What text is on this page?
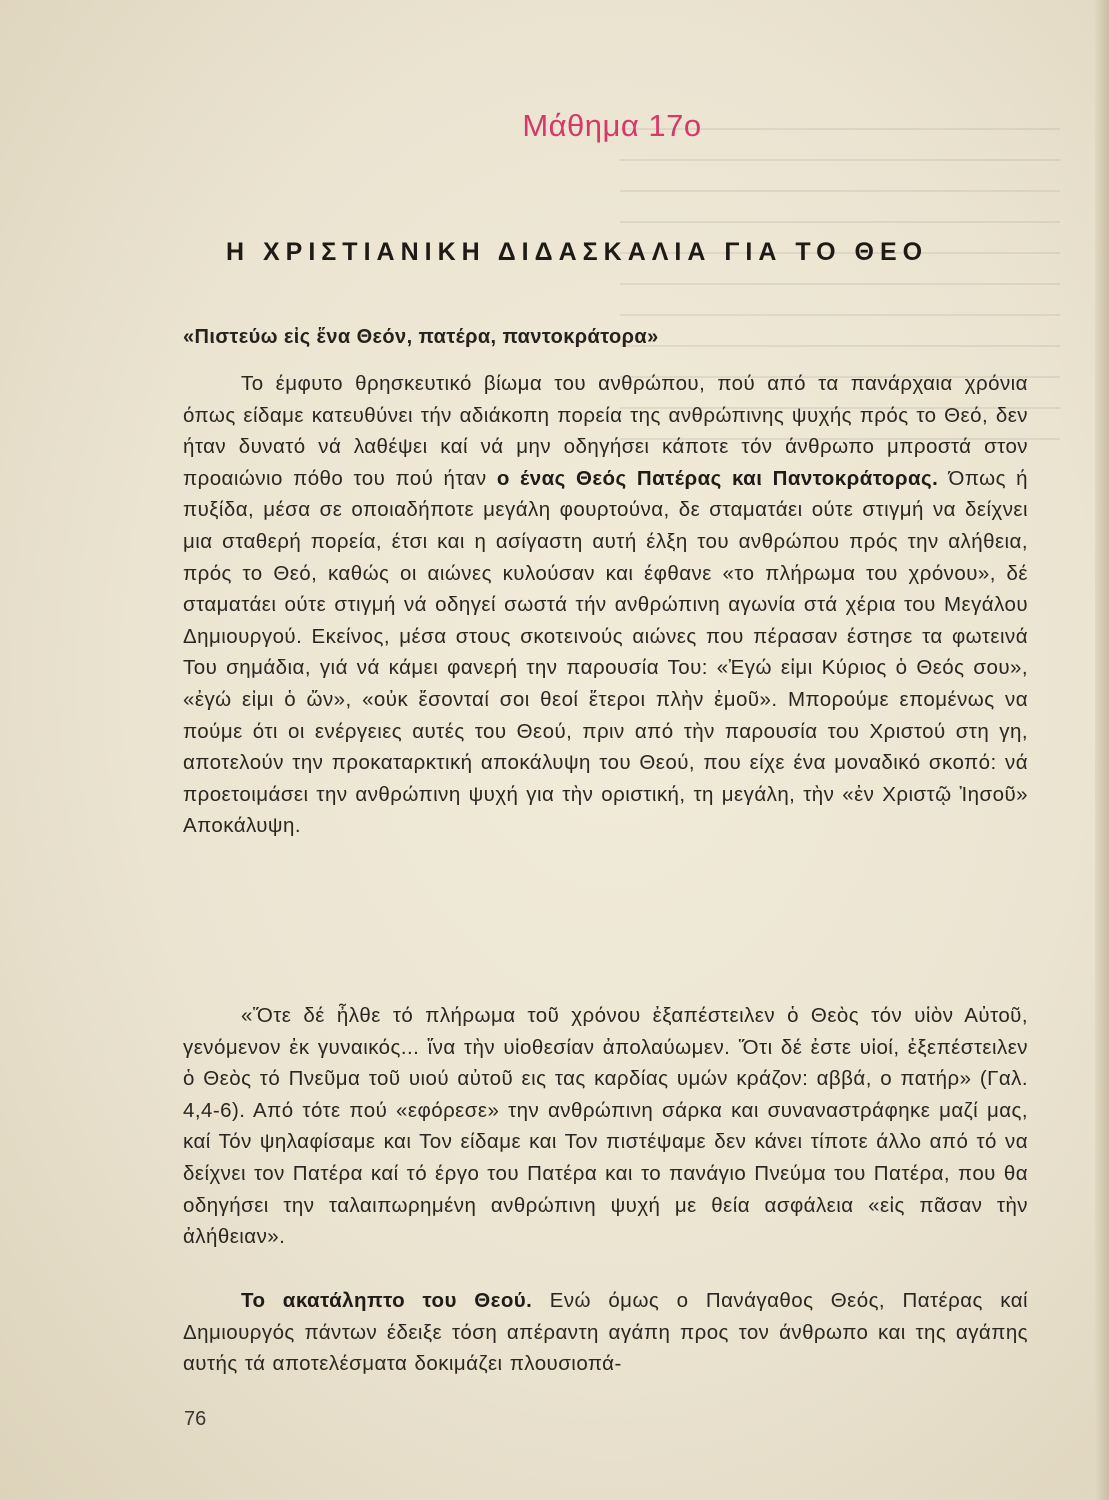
Μάθημα 17ο
Η ΧΡΙΣΤΙΑΝΙΚΗ ΔΙΔΑΣΚΑΛΙΑ ΓΙΑ ΤΟ ΘΕΟ
«Πιστεύω εἰς ἕνα Θεόν, πατέρα, παντοκράτορα»

Το έμφυτο θρησκευτικό βίωμα του ανθρώπου, πού από τα πανάρχαια χρόνια όπως είδαμε κατευθύνει τήν αδιάκοπη πορεία της ανθρώπινης ψυχής πρός το Θεό, δεν ήταν δυνατό νά λαθέψει καί νά μην οδηγήσει κάποτε τόν άνθρωπο μπροστά στον προαιώνιο πόθο του πού ήταν ο ένας Θεός Πατέρας και Παντοκράτορας. Όπως ή πυξίδα, μέσα σε οποιαδήποτε μεγάλη φουρτούνα, δε σταματάει ούτε στιγμή να δείχνει μια σταθερή πορεία, έτσι και η ασίγαστη αυτή έλξη του ανθρώπου πρός την αλήθεια, πρός το Θεό, καθώς οι αιώνες κυλούσαν και έφθανε «το πλήρωμα του χρόνου», δέ σταματάει ούτε στιγμή νά οδηγεί σωστά τήν ανθρώπινη αγωνία στά χέρια του Μεγάλου Δημιουργού. Εκείνος, μέσα στους σκοτεινούς αιώνες που πέρασαν έστησε τα φωτεινά Του σημάδια, γιά νά κάμει φανερή την παρουσία Του: «Ἐγώ εἰμι Κύριος ὁ Θεός σου», «ἐγώ εἰμι ὁ ὤν», «οὐκ ἔσονταί σοι θεοί ἕτεροι πλὴν ἐμοῦ». Μπορούμε επομένως να πούμε ότι οι ενέργειες αυτές του Θεού, πριν από τὴν παρουσία του Χριστού στη γη, αποτελούν την προκαταρκτική αποκάλυψη του Θεού, που είχε ένα μοναδικό σκοπό: νά προετοιμάσει την ανθρώπινη ψυχή για τὴν οριστική, τη μεγάλη, τὴν «ἐν Χριστῷ Ἰησοῦ» Αποκάλυψη.

«Ὅτε δέ ἦλθε τό πλήρωμα τοῦ χρόνου ἐξαπέστειλεν ὁ Θεὸς τόν υἱὸν Αὐτοῦ, γενόμενον ἐκ γυναικός... ἵνα τὴν υἱοθεσίαν ἀπολαύωμεν. Ὅτι δέ ἐστε υἱοί, ἐξεπέστειλεν ὁ Θεὸς τό Πνεῦμα τοῦ υιού αὐτοῦ εις τας καρδίας υμών κράζον: αββά, ο πατήρ» (Γαλ. 4,4-6). Από τότε πού «εφόρεσε» την ανθρώπινη σάρκα και συναναστράφηκε μαζί μας, καί Τόν ψηλαφίσαμε και Τον είδαμε και Τον πιστέψαμε δεν κάνει τίποτε άλλο από τό να δείχνει τον Πατέρα καί τό έργο του Πατέρα και το πανάγιο Πνεύμα του Πατέρα, που θα οδηγήσει την ταλαιπωρημένη ανθρώπινη ψυχή με θεία ασφάλεια «εἰς πᾶσαν τὴν ἀλήθειαν».

Το ακατάληπτο του Θεού. Ενώ όμως ο Πανάγαθος Θεός, Πατέρας καί Δημιουργός πάντων έδειξε τόση απέραντη αγάπη προς τον άνθρωπο και της αγάπης αυτής τά αποτελέσματα δοκιμάζει πλουσιοπά-

76
